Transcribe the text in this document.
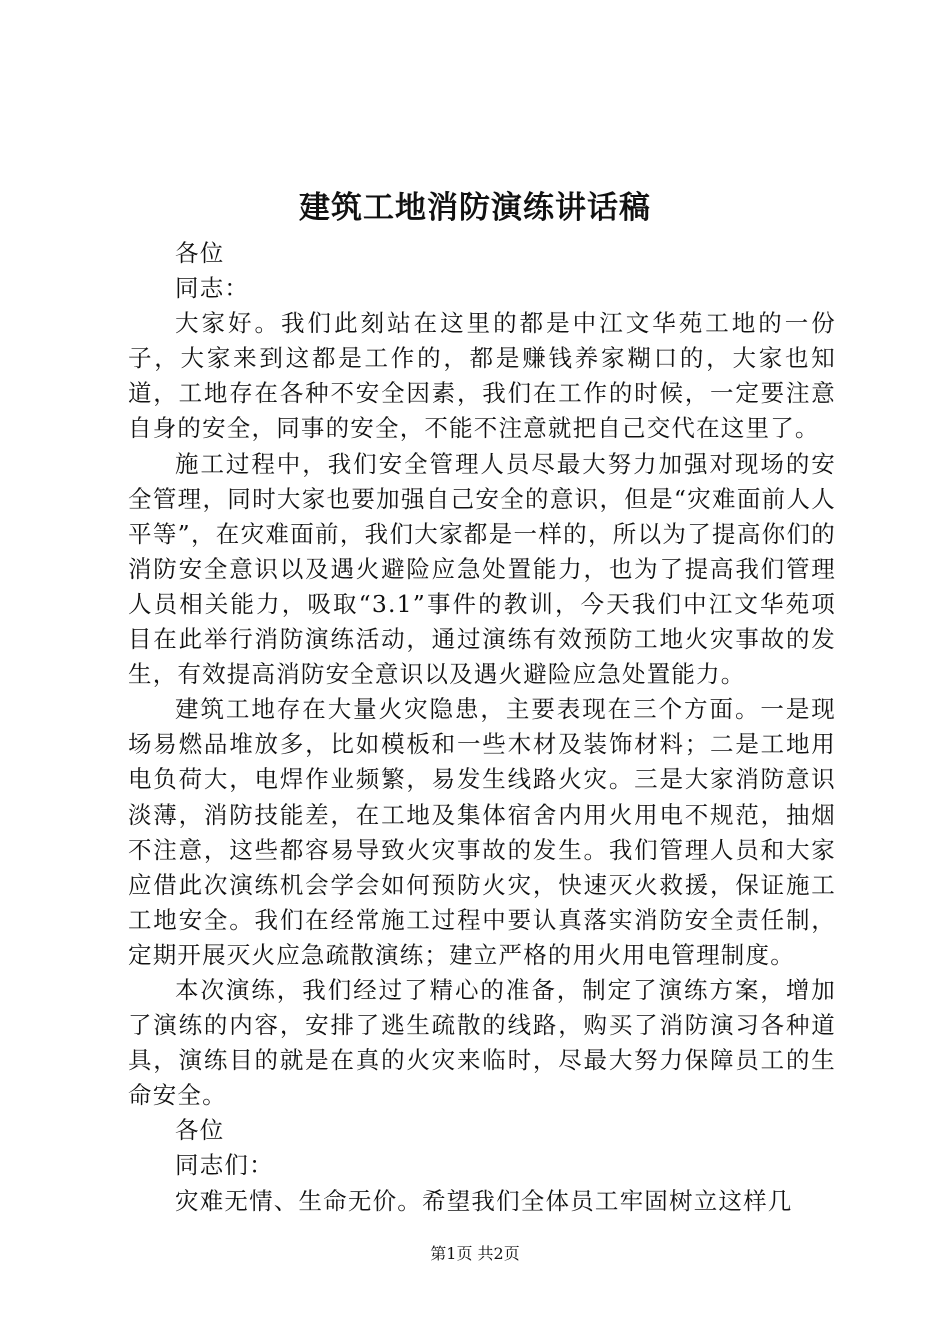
建筑工地消防演练讲话稿

各位

同志：

大家好。我们此刻站在这里的都是中江文华苑工地的一份子，大家来到这都是工作的，都是赚钱养家糊口的，大家也知道，工地存在各种不安全因素，我们在工作的时候，一定要注意自身的安全，同事的安全，不能不注意就把自己交代在这里了。

施工过程中，我们安全管理人员尽最大努力加强对现场的安全管理，同时大家也要加强自己安全的意识，但是“灾难面前人人平等”，在灾难面前，我们大家都是一样的，所以为了提高你们的消防安全意识以及遇火避险应急处置能力，也为了提高我们管理人员相关能力，吸取“3.1”事件的教训，今天我们中江文华苑项目在此举行消防演练活动，通过演练有效预防工地火灾事故的发生，有效提高消防安全意识以及遇火避险应急处置能力。

建筑工地存在大量火灾隐患，主要表现在三个方面。一是现场易燃品堆放多，比如模板和一些木材及装饰材料；二是工地用电负荷大，电焊作业频繁，易发生线路火灾。三是大家消防意识淡薄，消防技能差，在工地及集体宿舍内用火用电不规范，抽烟不注意，这些都容易导致火灾事故的发生。我们管理人员和大家应借此次演练机会学会如何预防火灾，快速灭火救援，保证施工工地安全。我们在经常施工过程中要认真落实消防安全责任制，定期开展灭火应急疏散演练；建立严格的用火用电管理制度。

本次演练，我们经过了精心的准备，制定了演练方案，增加了演练的内容，安排了逃生疏散的线路，购买了消防演习各种道具，演练目的就是在真的火灾来临时，尽最大努力保障员工的生命安全。

各位

同志们：

灾难无情、生命无价。希望我们全体员工牢固树立这样几

第1页 共2页
